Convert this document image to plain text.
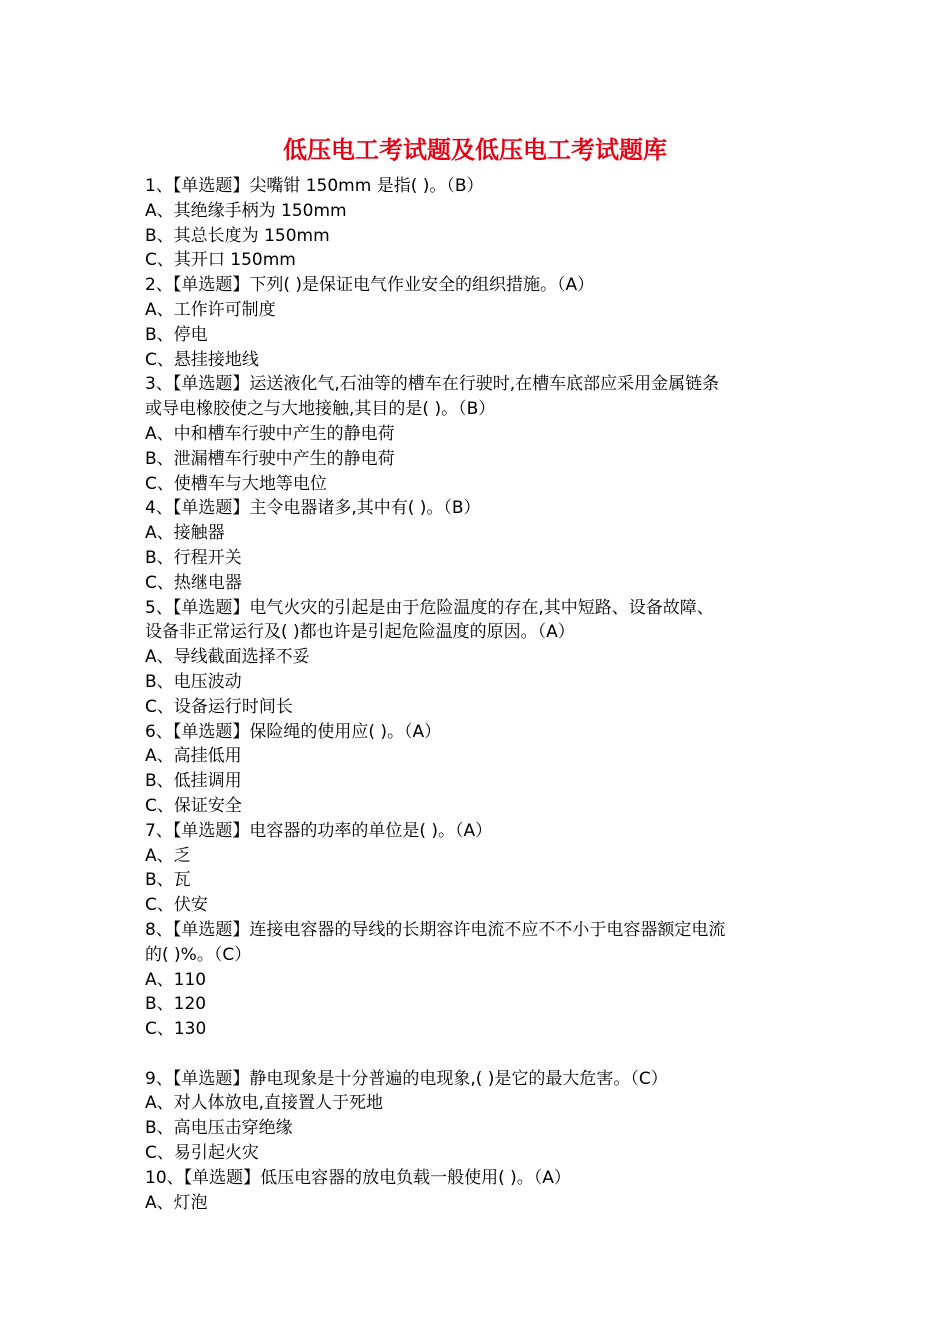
低压电工考试题及低压电工考试题库
1、【单选题】尖嘴钳 150mm 是指( )。（B）
A、其绝缘手柄为 150mm
B、其总长度为 150mm
C、其开口 150mm
2、【单选题】下列( )是保证电气作业安全的组织措施。（A）
A、工作许可制度
B、停电
C、悬挂接地线
3、【单选题】运送液化气,石油等的槽车在行驶时,在槽车底部应采用金属链条
或导电橡胶使之与大地接触,其目的是( )。（B）
A、中和槽车行驶中产生的静电荷
B、泄漏槽车行驶中产生的静电荷
C、使槽车与大地等电位
4、【单选题】主令电器诸多,其中有( )。（B）
A、接触器
B、行程开关
C、热继电器
5、【单选题】电气火灾的引起是由于危险温度的存在,其中短路、设备故障、
设备非正常运行及( )都也许是引起危险温度的原因。（A）
A、导线截面选择不妥
B、电压波动
C、设备运行时间长
6、【单选题】保险绳的使用应( )。（A）
A、高挂低用
B、低挂调用
C、保证安全
7、【单选题】电容器的功率的单位是( )。（A）
A、乏
B、瓦
C、伏安
8、【单选题】连接电容器的导线的长期容许电流不应不不小于电容器额定电流
的( )%。（C）
A、110
B、120
C、130
9、【单选题】静电现象是十分普遍的电现象,( )是它的最大危害。（C）
A、对人体放电,直接置人于死地
B、高电压击穿绝缘
C、易引起火灾
10、【单选题】低压电容器的放电负载一般使用( )。（A）
A、灯泡
